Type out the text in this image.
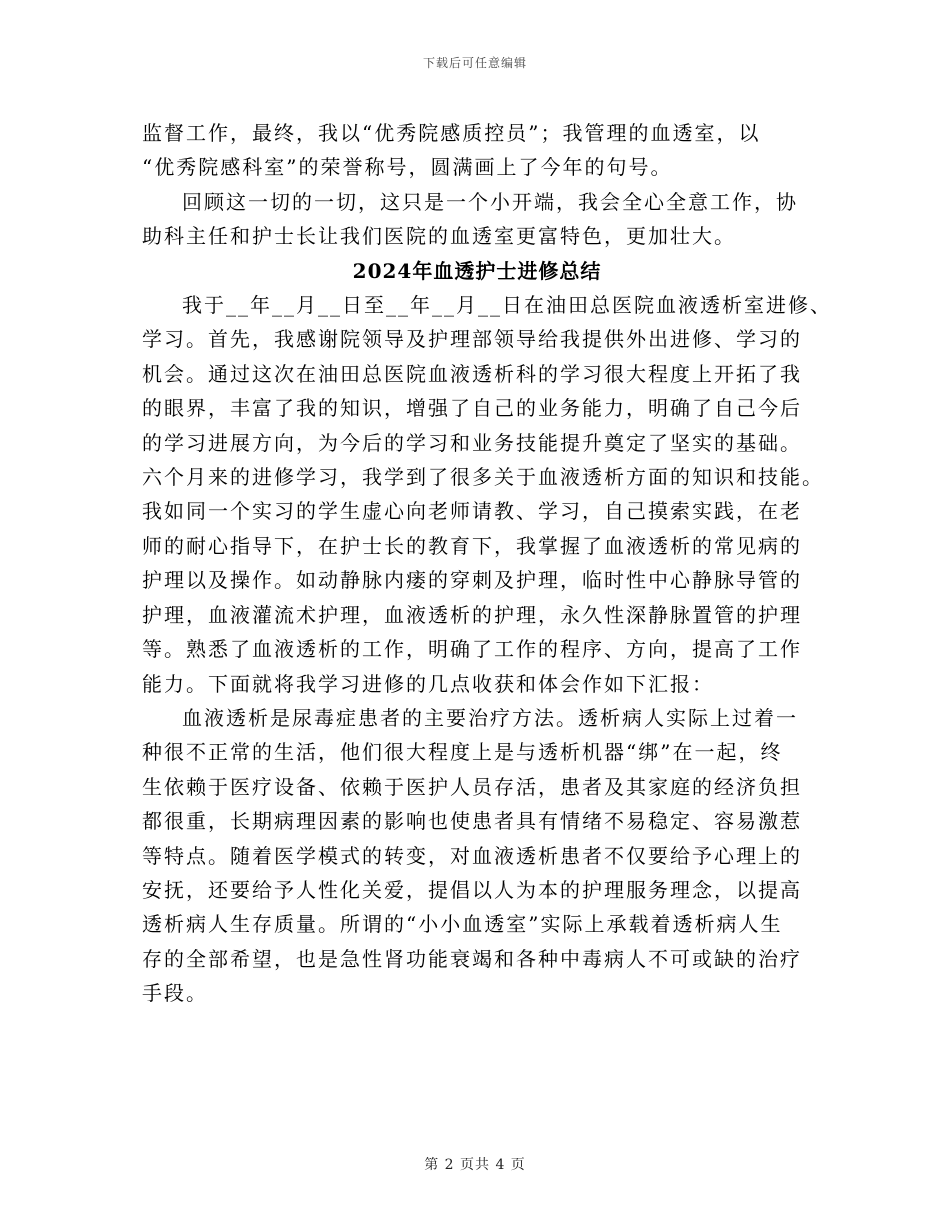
下载后可任意编辑

监督工作，最终，我以“优秀院感质控员”；我管理的血透室，以

“优秀院感科室”的荣誉称号，圆满画上了今年的句号。

回顾这一切的一切，这只是一个小开端，我会全心全意工作，协

助科主任和护士长让我们医院的血透室更富特色，更加壮大。

2024年血透护士进修总结

我于__年__月__日至__年__月__日在油田总医院血液透析室进修、

学习。首先，我感谢院领导及护理部领导给我提供外出进修、学习的

机会。通过这次在油田总医院血液透析科的学习很大程度上开拓了我

的眼界，丰富了我的知识，增强了自己的业务能力，明确了自己今后

的学习进展方向，为今后的学习和业务技能提升奠定了坚实的基础。

六个月来的进修学习，我学到了很多关于血液透析方面的知识和技能。

我如同一个实习的学生虚心向老师请教、学习，自己摸索实践，在老

师的耐心指导下，在护士长的教育下，我掌握了血液透析的常见病的

护理以及操作。如动静脉内瘘的穿刺及护理，临时性中心静脉导管的

护理，血液灌流术护理，血液透析的护理，永久性深静脉置管的护理

等。熟悉了血液透析的工作，明确了工作的程序、方向，提高了工作

能力。下面就将我学习进修的几点收获和体会作如下汇报：

血液透析是尿毒症患者的主要治疗方法。透析病人实际上过着一

种很不正常的生活，他们很大程度上是与透析机器“绑”在一起，终

生依赖于医疗设备、依赖于医护人员存活，患者及其家庭的经济负担

都很重，长期病理因素的影响也使患者具有情绪不易稳定、容易激惹

等特点。随着医学模式的转变，对血液透析患者不仅要给予心理上的

安抚，还要给予人性化关爱，提倡以人为本的护理服务理念，以提高

透析病人生存质量。所谓的“小小血透室”实际上承载着透析病人生

存的全部希望，也是急性肾功能衰竭和各种中毒病人不可或缺的治疗

手段。

第 2 页共 4 页
